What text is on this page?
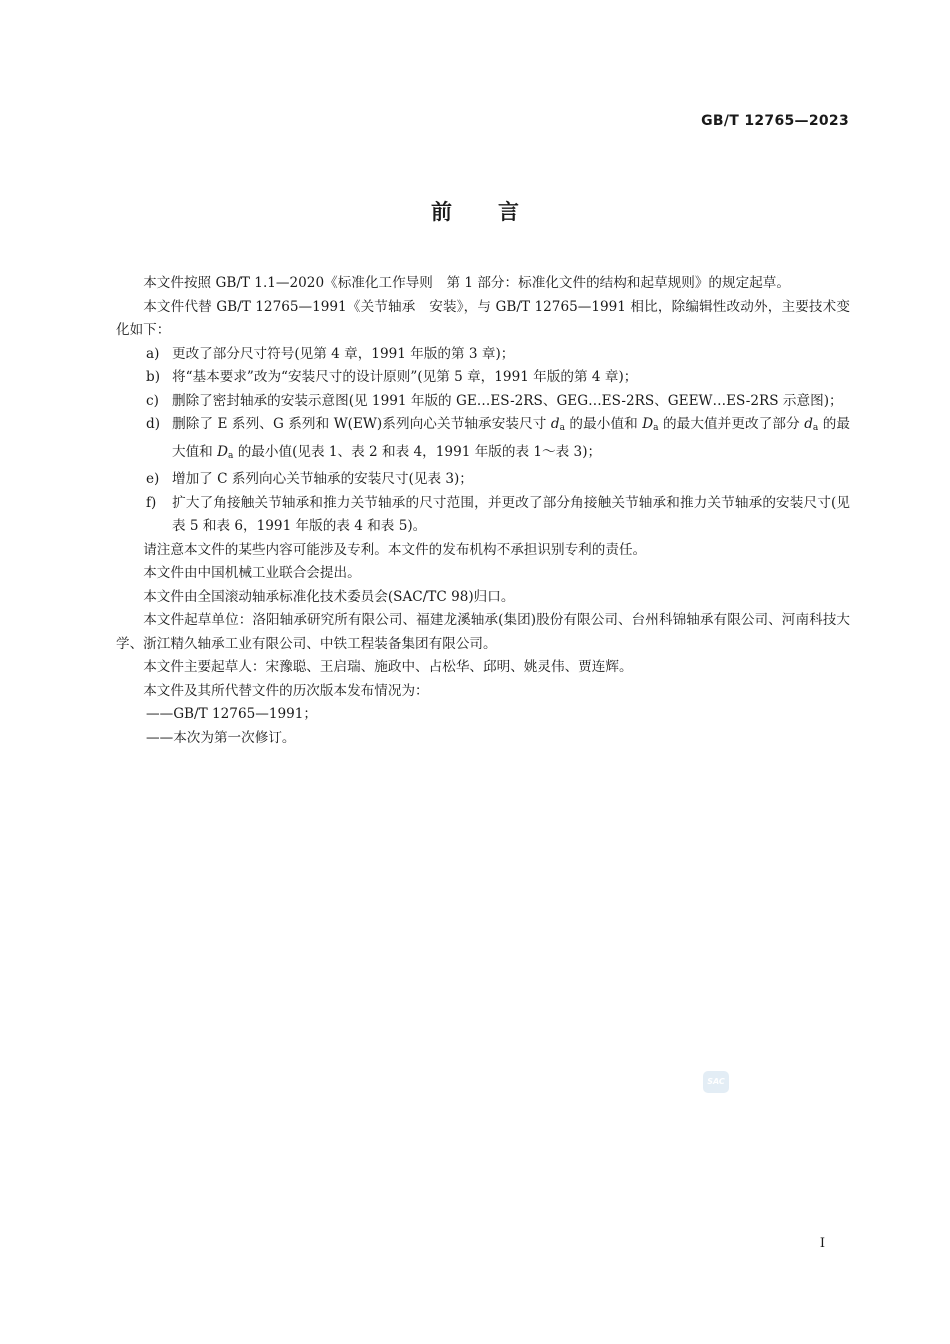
GB/T 12765—2023
前言

本文件按照 GB/T 1.1—2020《标准化工作导则　第 1 部分：标准化文件的结构和起草规则》的规定起草。

本文件代替 GB/T 12765—1991《关节轴承　安装》，与 GB/T 12765—1991 相比，除编辑性改动外，主要技术变化如下：

a) 更改了部分尺寸符号(见第 4 章，1991 年版的第 3 章)；

b) 将“基本要求”改为“安装尺寸的设计原则”(见第 5 章，1991 年版的第 4 章)；

c) 删除了密封轴承的安装示意图(见 1991 年版的 GE…ES-2RS、GEG…ES-2RS、GEEW…ES-2RS 示意图)；

d) 删除了 E 系列、G 系列和 W(EW)系列向心关节轴承安装尺寸 $d_a$ 的最小值和 $D_a$ 的最大值并更改了部分 $d_a$ 的最大值和 $D_a$ 的最小值(见表 1、表 2 和表 4，1991 年版的表 1～表 3)；

e) 增加了 C 系列向心关节轴承的安装尺寸(见表 3)；

f) 扩大了角接触关节轴承和推力关节轴承的尺寸范围，并更改了部分角接触关节轴承和推力关节轴承的安装尺寸(见表 5 和表 6，1991 年版的表 4 和表 5)。

请注意本文件的某些内容可能涉及专利。本文件的发布机构不承担识别专利的责任。

本文件由中国机械工业联合会提出。

本文件由全国滚动轴承标准化技术委员会(SAC/TC 98)归口。

本文件起草单位：洛阳轴承研究所有限公司、福建龙溪轴承(集团)股份有限公司、台州科锦轴承有限公司、河南科技大学、浙江精久轴承工业有限公司、中铁工程装备集团有限公司。

本文件主要起草人：宋豫聪、王启瑞、施政中、占松华、邱明、姚灵伟、贾连辉。

本文件及其所代替文件的历次版本发布情况为：

——GB/T 12765—1991；

——本次为第一次修订。

SAC
I
